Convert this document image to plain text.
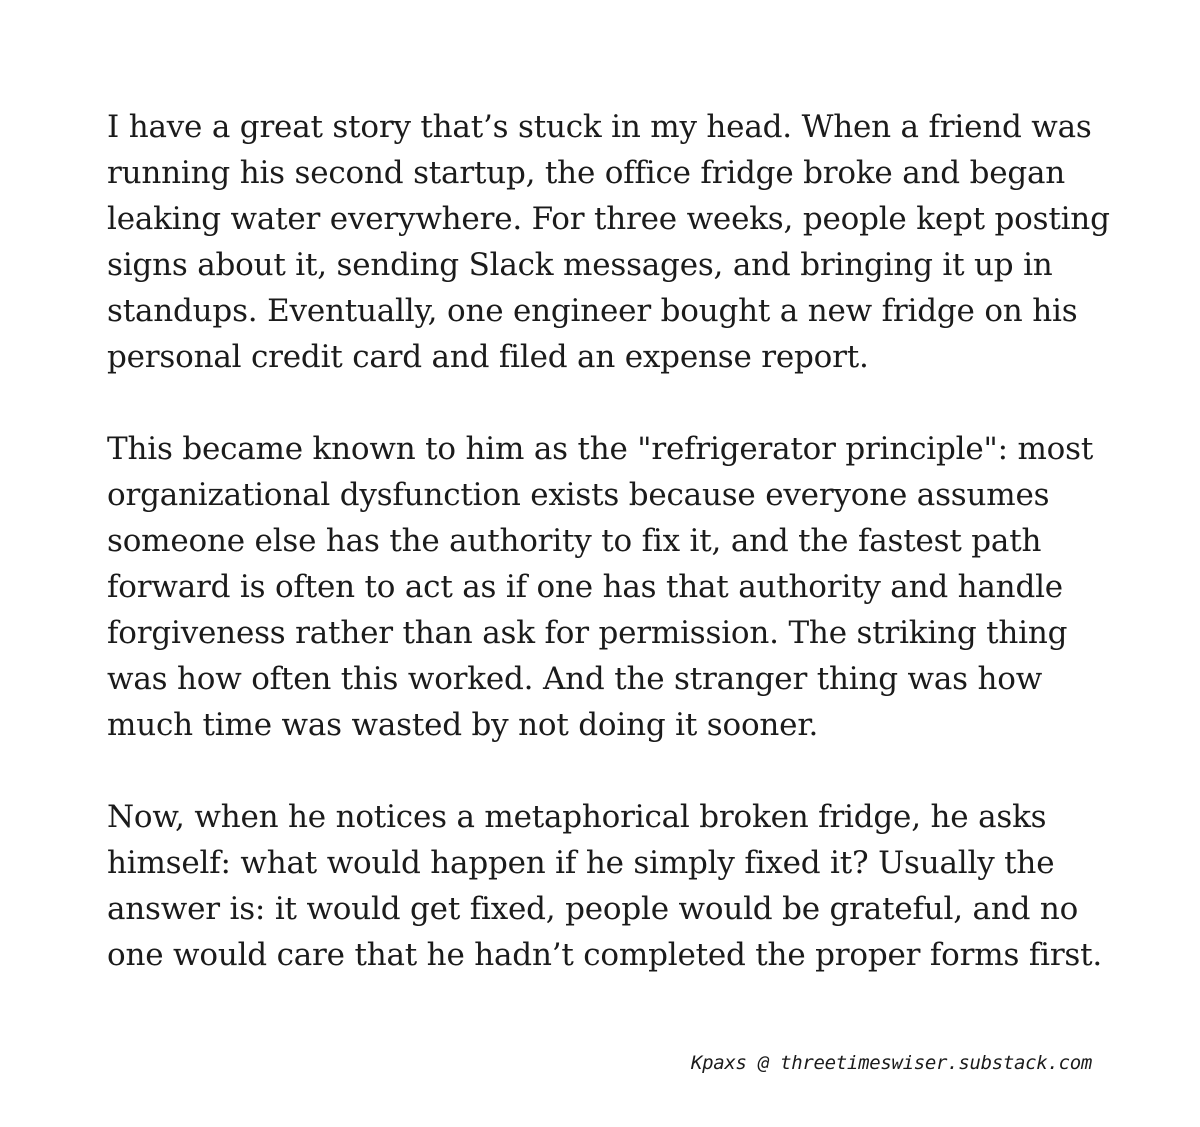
I have a great story that’s stuck in my head. When a friend was
running his second startup, the office fridge broke and began
leaking water everywhere. For three weeks, people kept posting
signs about it, sending Slack messages, and bringing it up in
standups. Eventually, one engineer bought a new fridge on his
personal credit card and filed an expense report.

This became known to him as the "refrigerator principle": most
organizational dysfunction exists because everyone assumes
someone else has the authority to fix it, and the fastest path
forward is often to act as if one has that authority and handle
forgiveness rather than ask for permission. The striking thing
was how often this worked. And the stranger thing was how
much time was wasted by not doing it sooner.

Now, when he notices a metaphorical broken fridge, he asks
himself: what would happen if he simply fixed it? Usually the
answer is: it would get fixed, people would be grateful, and no
one would care that he hadn’t completed the proper forms first.

Kpaxs @ threetimeswiser.substack.com
